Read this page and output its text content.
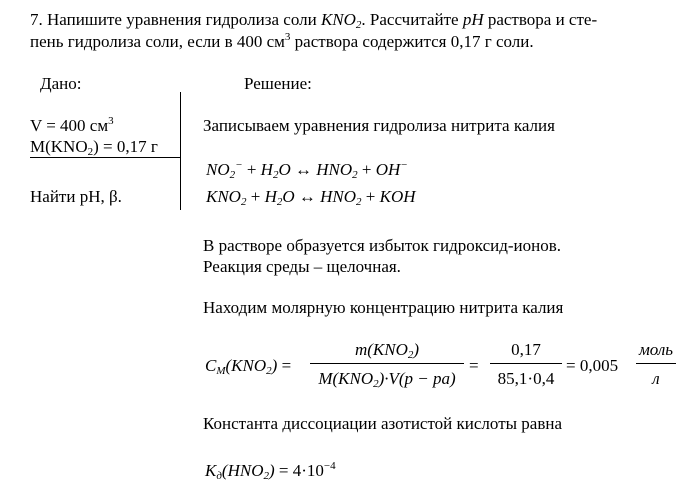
7. Напишите уравнения гидролиза соли $KNO_2$. Рассчитайте pH раствора и сте-
пень гидролиза соли, если в 400 $см^3$ раствора содержится 0,17 г соли.
Дано:	Решение:
V = 400 $см^3$
$M(KNO_2) = 0,17$ г
Найти pH, β.
Записываем уравнения гидролиза нитрита калия
$NO_2^- + H_2O$ ↔ $HNO_2 + OH^-$
$KNO_2 + H_2O$ ↔ $HNO_2$ + KOH
В растворе образуется избыток гидроксид-ионов.
Реакция среды – щелочная.
Находим молярную концентрацию нитрита калия
$C_M(KNO_2)$ =
$m(KNO_2)$
$M(KNO_2)\cdot V(p - pa)$
=
0,17
85,1·0,4
= 0,005
моль
л
Константа диссоциации азотистой кислоты равна
$K_д(HNO_2) = 4\cdot 10^{-4}$
